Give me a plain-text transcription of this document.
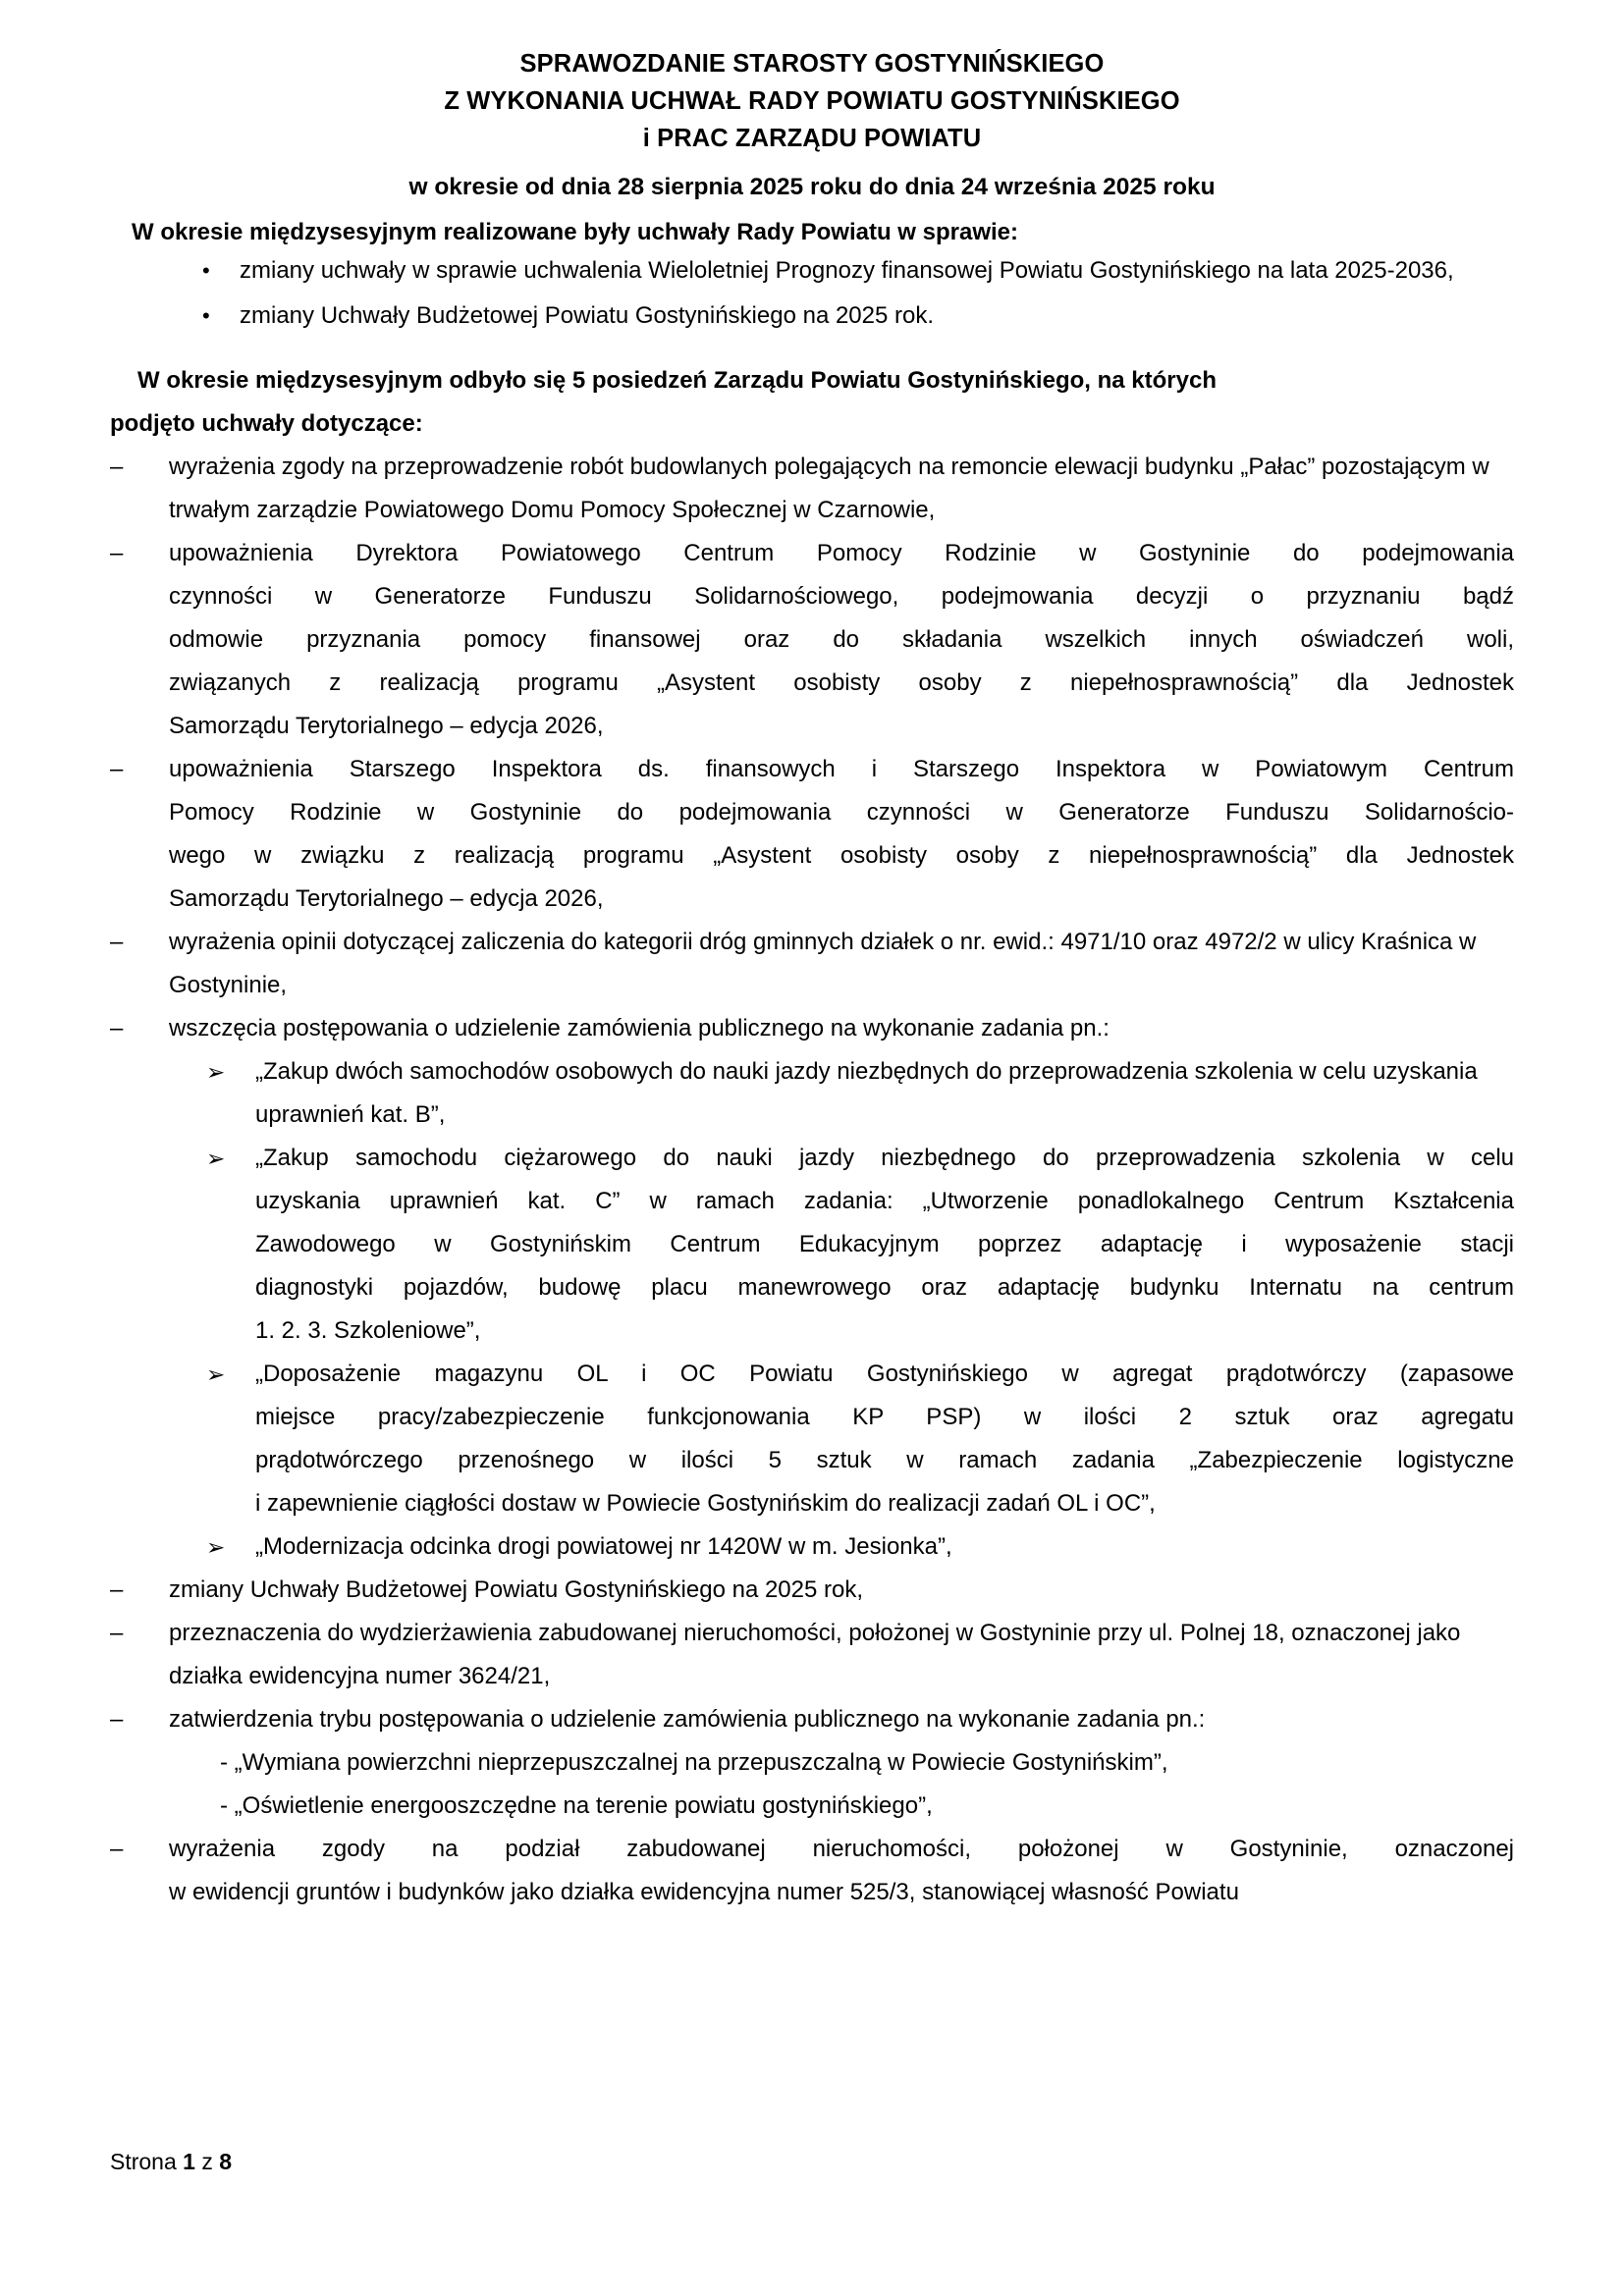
SPRAWOZDANIE STAROSTY GOSTYNIŃSKIEGO
Z WYKONANIA UCHWAŁ RADY POWIATU GOSTYNIŃSKIEGO
i PRAC ZARZĄDU POWIATU
w okresie od dnia 28 sierpnia 2025 roku do dnia 24 września 2025 roku
W okresie międzysesyjnym realizowane były uchwały Rady Powiatu w sprawie:
• zmiany uchwały w sprawie uchwalenia Wieloletniej Prognozy finansowej Powiatu Gostynińskiego na lata 2025-2036,
• zmiany Uchwały Budżetowej Powiatu Gostynińskiego na 2025 rok.
W okresie międzysesyjnym odbyło się 5 posiedzeń Zarządu Powiatu Gostynińskiego, na których
podjęto uchwały dotyczące:
– wyrażenia zgody na przeprowadzenie robót budowlanych polegających na remoncie elewacji budynku „Pałac” pozostającym w trwałym zarządzie Powiatowego Domu Pomocy Społecznej w Czarnowie,
– upoważnienia Dyrektora Powiatowego Centrum Pomocy Rodzinie w Gostyninie do podejmowania
czynności w Generatorze Funduszu Solidarnościowego, podejmowania decyzji o przyznaniu bądź
odmowie przyznania pomocy finansowej oraz do składania wszelkich innych oświadczeń woli,
związanych z realizacją programu „Asystent osobisty osoby z niepełnosprawnością” dla Jednostek
Samorządu Terytorialnego – edycja 2026,
– upoważnienia Starszego Inspektora ds. finansowych i Starszego Inspektora w Powiatowym Centrum
Pomocy Rodzinie w Gostyninie do podejmowania czynności w Generatorze Funduszu Solidarnościo-
wego w związku z realizacją programu „Asystent osobisty osoby z niepełnosprawnością” dla Jednostek
Samorządu Terytorialnego – edycja 2026,
– wyrażenia opinii dotyczącej zaliczenia do kategorii dróg gminnych działek o nr. ewid.: 4971/10 oraz 4972/2 w ulicy Kraśnica w Gostyninie,
– wszczęcia postępowania o udzielenie zamówienia publicznego na wykonanie zadania pn.:
➢ „Zakup dwóch samochodów osobowych do nauki jazdy niezbędnych do przeprowadzenia szkolenia w celu uzyskania uprawnień kat. B”,
➢ „Zakup samochodu ciężarowego do nauki jazdy niezbędnego do przeprowadzenia szkolenia w celu
uzyskania uprawnień kat. C” w ramach zadania: „Utworzenie ponadlokalnego Centrum Kształcenia
Zawodowego w Gostynińskim Centrum Edukacyjnym poprzez adaptację i wyposażenie stacji
diagnostyki pojazdów, budowę placu manewrowego oraz adaptację budynku Internatu na centrum
1. 2. 3. Szkoleniowe”,
➢ „Doposażenie magazynu OL i OC Powiatu Gostynińskiego w agregat prądotwórczy (zapasowe
miejsce pracy/zabezpieczenie funkcjonowania KP PSP) w ilości 2 sztuk oraz agregatu
prądotwórczego przenośnego w ilości 5 sztuk w ramach zadania „Zabezpieczenie logistyczne
i zapewnienie ciągłości dostaw w Powiecie Gostynińskim do realizacji zadań OL i OC”,
➢ „Modernizacja odcinka drogi powiatowej nr 1420W w m. Jesionka”,
– zmiany Uchwały Budżetowej Powiatu Gostynińskiego na 2025 rok,
– przeznaczenia do wydzierżawienia zabudowanej nieruchomości, położonej w Gostyninie przy ul. Polnej 18, oznaczonej jako działka ewidencyjna numer 3624/21,
– zatwierdzenia trybu postępowania o udzielenie zamówienia publicznego na wykonanie zadania pn.:
- „Wymiana powierzchni nieprzepuszczalnej na przepuszczalną w Powiecie Gostynińskim”,
- „Oświetlenie energooszczędne na terenie powiatu gostynińskiego”,
– wyrażenia zgody na podział zabudowanej nieruchomości, położonej w Gostyninie, oznaczonej
w ewidencji gruntów i budynków jako działka ewidencyjna numer 525/3, stanowiącej własność Powiatu
Strona 1 z 8
